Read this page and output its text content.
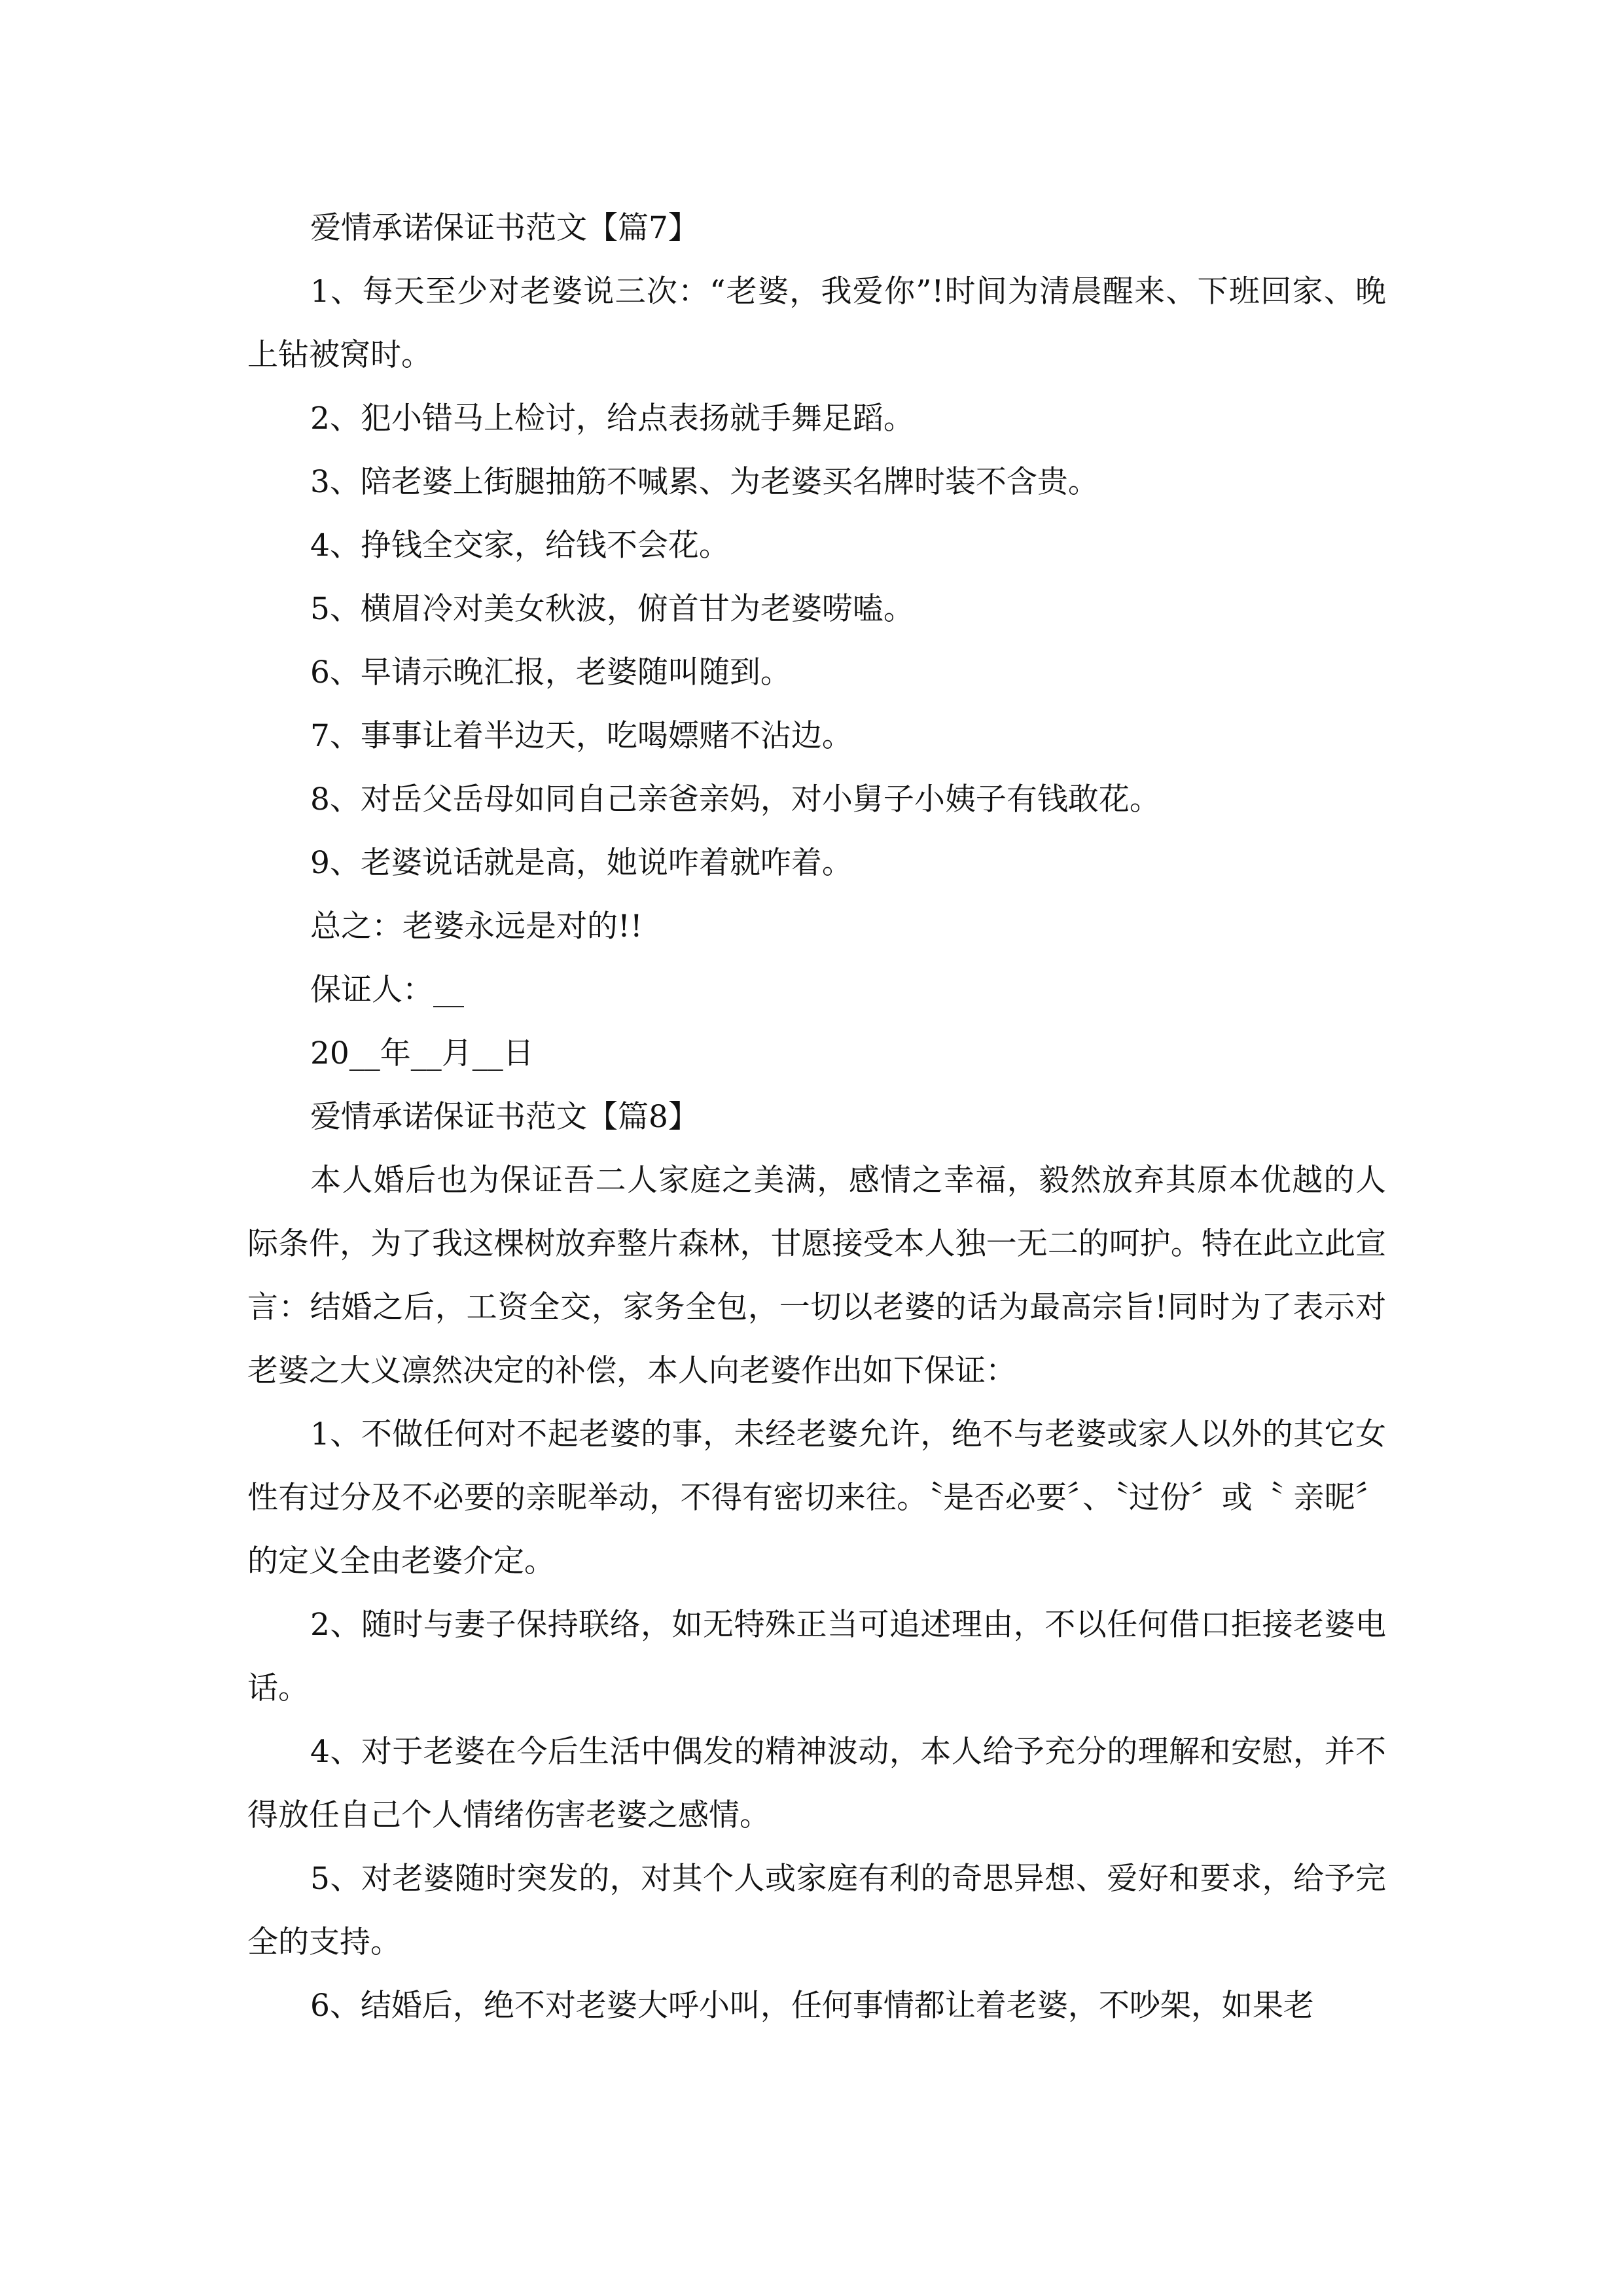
爱情承诺保证书范文【篇7】

1、每天至少对老婆说三次：“老婆，我爱你”!时间为清晨醒来、下班回家、晚上钻被窝时。

2、犯小错马上检讨，给点表扬就手舞足蹈。

3、陪老婆上街腿抽筋不喊累、为老婆买名牌时装不含贵。

4、挣钱全交家，给钱不会花。

5、横眉冷对美女秋波，俯首甘为老婆唠嗑。

6、早请示晚汇报，老婆随叫随到。

7、事事让着半边天，吃喝嫖赌不沾边。

8、对岳父岳母如同自己亲爸亲妈，对小舅子小姨子有钱敢花。

9、老婆说话就是高，她说咋着就咋着。

总之：老婆永远是对的!!

保证人：__

20__年__月__日

爱情承诺保证书范文【篇8】

本人婚后也为保证吾二人家庭之美满，感情之幸福，毅然放弃其原本优越的人际条件，为了我这棵树放弃整片森林，甘愿接受本人独一无二的呵护。特在此立此宣言：结婚之后，工资全交，家务全包，一切以老婆的话为最高宗旨!同时为了表示对老婆之大义凛然决定的补偿，本人向老婆作出如下保证：

1、不做任何对不起老婆的事，未经老婆允许，绝不与老婆或家人以外的其它女性有过分及不必要的亲昵举动，不得有密切来往。〝是否必要〞、〝过份〞或〝 亲昵〞的定义全由老婆介定。

2、随时与妻子保持联络，如无特殊正当可追述理由，不以任何借口拒接老婆电话。

4、对于老婆在今后生活中偶发的精神波动，本人给予充分的理解和安慰，并不得放任自己个人情绪伤害老婆之感情。

5、对老婆随时突发的，对其个人或家庭有利的奇思异想、爱好和要求，给予完全的支持。

6、结婚后，绝不对老婆大呼小叫，任何事情都让着老婆，不吵架，如果老
